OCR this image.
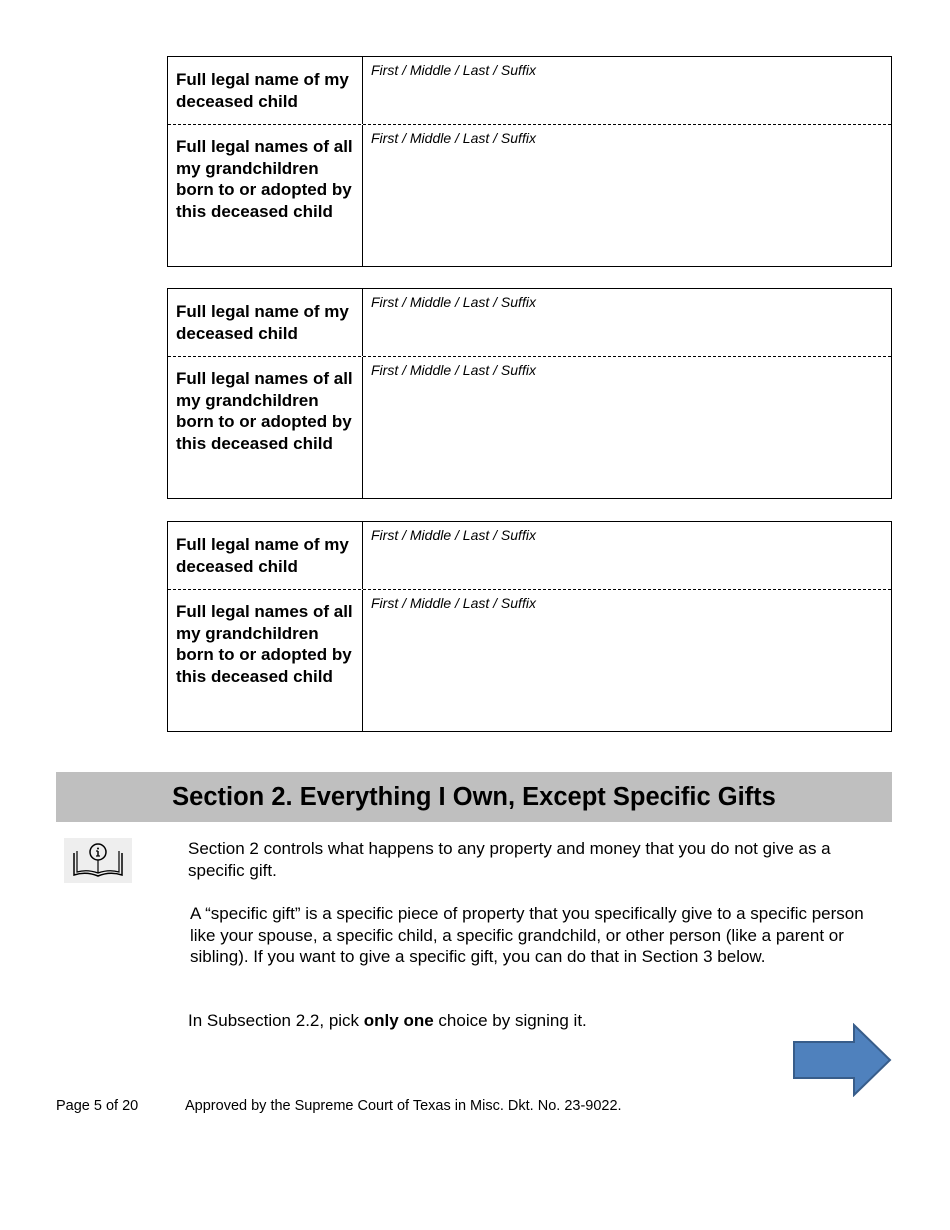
Full legal name of my deceased child
First / Middle / Last / Suffix
Full legal names of all my grandchildren born to or adopted by this deceased child
First / Middle / Last / Suffix
Full legal name of my deceased child
First / Middle / Last / Suffix
Full legal names of all my grandchildren born to or adopted by this deceased child
First / Middle / Last / Suffix
Full legal name of my deceased child
First / Middle / Last / Suffix
Full legal names of all my grandchildren born to or adopted by this deceased child
First / Middle / Last / Suffix
Section 2. Everything I Own, Except Specific Gifts
Section 2 controls what happens to any property and money that you do not give as a specific gift.
A “specific gift” is a specific piece of property that you specifically give to a specific person like your spouse, a specific child, a specific grandchild, or other person (like a parent or sibling). If you want to give a specific gift, you can do that in Section 3 below.
In Subsection 2.2, pick only one choice by signing it.
Page 5 of 20	Approved by the Supreme Court of Texas in Misc. Dkt. No. 23-9022.
